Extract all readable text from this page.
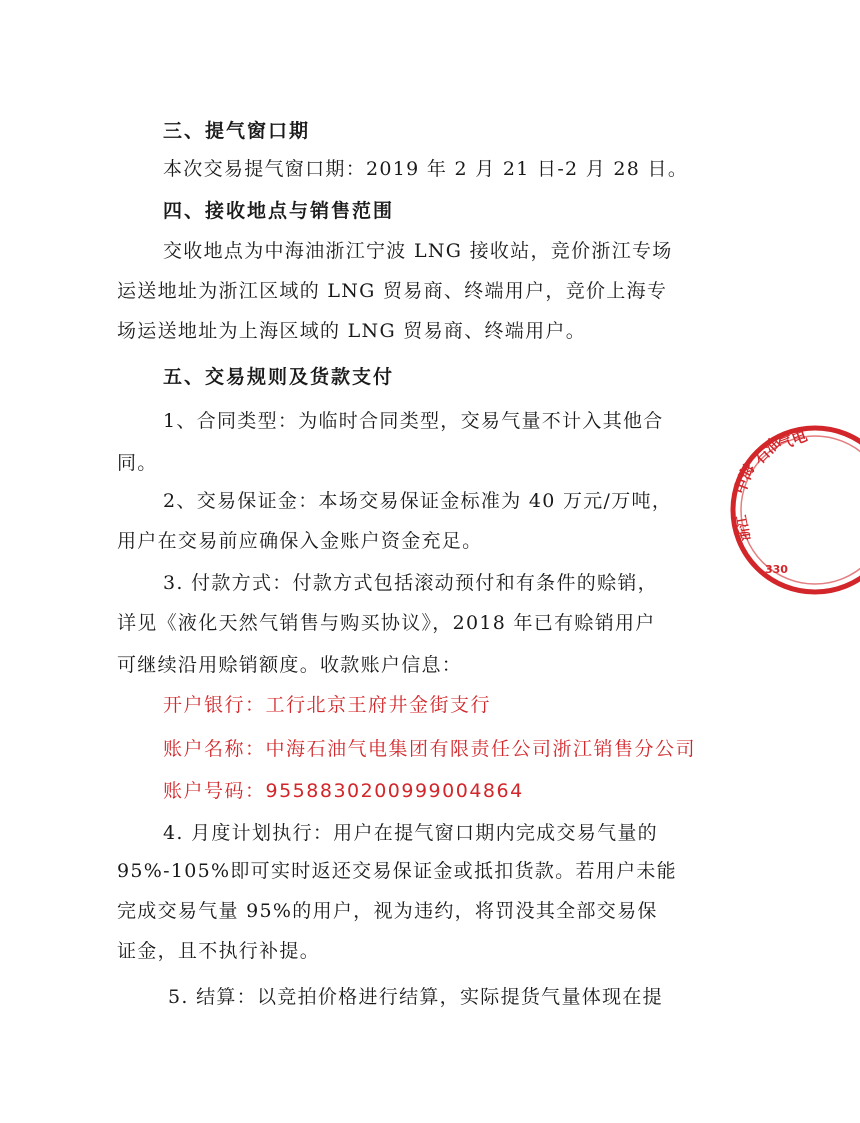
三、提气窗口期
本次交易提气窗口期：2019 年 2 月 21 日-2 月 28 日。
四、接收地点与销售范围
交收地点为中海油浙江宁波 LNG 接收站，竞价浙江专场
运送地址为浙江区域的 LNG 贸易商、终端用户，竞价上海专
场运送地址为上海区域的 LNG 贸易商、终端用户。
五、交易规则及货款支付
1、合同类型：为临时合同类型，交易气量不计入其他合
同。
2、交易保证金：本场交易保证金标准为 40 万元/万吨，
用户在交易前应确保入金账户资金充足。
3. 付款方式：付款方式包括滚动预付和有条件的赊销，
详见《液化天然气销售与购买协议》，2018 年已有赊销用户
可继续沿用赊销额度。收款账户信息：
开户银行：工行北京王府井金街支行
账户名称：中海石油气电集团有限责任公司浙江销售分公司
账户号码：9558830200999004864
4. 月度计划执行：用户在提气窗口期内完成交易气量的
95%-105%即可实时返还交易保证金或抵扣货款。若用户未能
完成交易气量 95%的用户，视为违约，将罚没其全部交易保
证金，且不执行补提。
5. 结算：以竞拍价格进行结算，实际提货气量体现在提
中海
石油
气电
浙江
330
